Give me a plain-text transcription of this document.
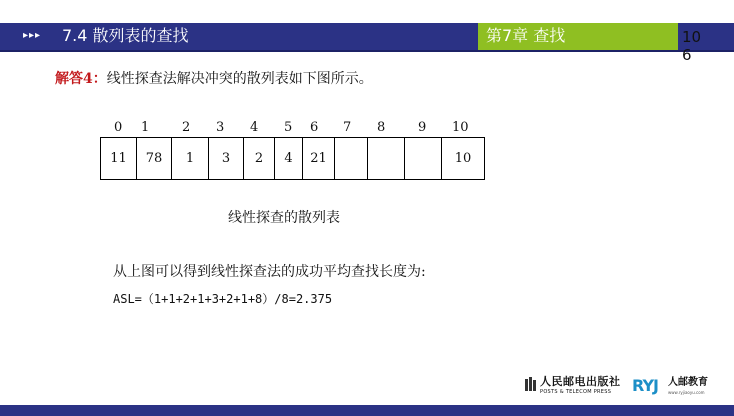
▸▸▸ 7.4 散列表的查找	第7章 查找	106
解答4：线性探查法解决冲突的散列表如下图所示。
0 1	2 3 4 5 6 7 8	9 10
11	78	1	3	2	4	21				10
线性探查的散列表
从上图可以得到线性探查法的成功平均查找长度为:
ASL=（1+1+2+1+3+2+1+8）/8=2.375
人民邮电出版社
POSTS & TELECOM PRESS RYJ 人邮教育
www.ryjiaoyu.com
